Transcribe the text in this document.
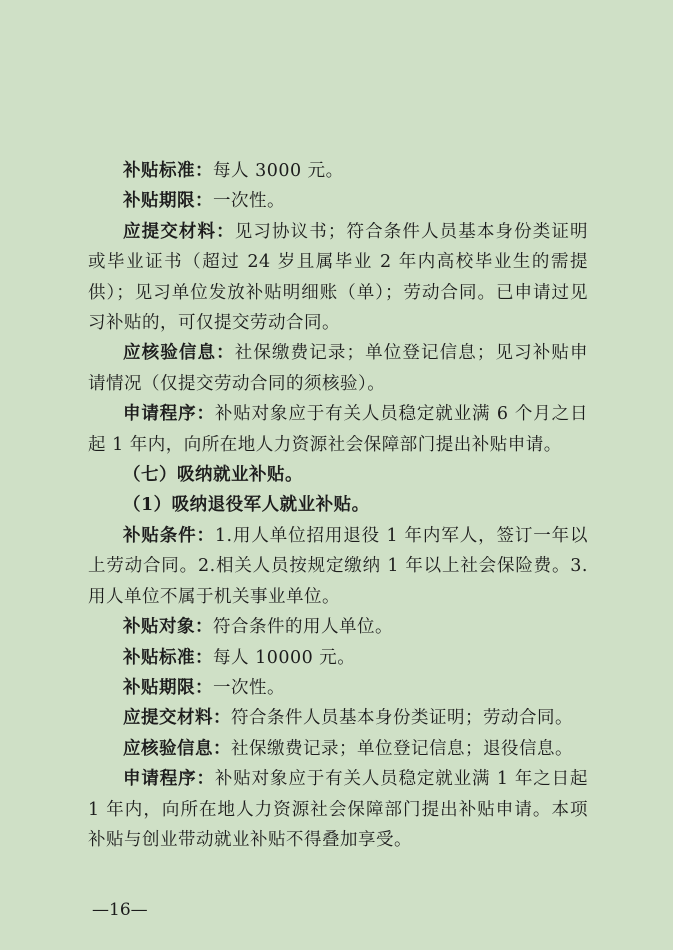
补贴标准：每人 3000 元。

补贴期限：一次性。

应提交材料：见习协议书；符合条件人员基本身份类证明或毕业证书（超过 24 岁且属毕业 2 年内高校毕业生的需提供）；见习单位发放补贴明细账（单）；劳动合同。已申请过见习补贴的，可仅提交劳动合同。

应核验信息：社保缴费记录；单位登记信息；见习补贴申请情况（仅提交劳动合同的须核验）。

申请程序：补贴对象应于有关人员稳定就业满 6 个月之日起 1 年内，向所在地人力资源社会保障部门提出补贴申请。

（七）吸纳就业补贴。

（1）吸纳退役军人就业补贴。

补贴条件：1.用人单位招用退役 1 年内军人，签订一年以上劳动合同。2.相关人员按规定缴纳 1 年以上社会保险费。3.用人单位不属于机关事业单位。

补贴对象：符合条件的用人单位。

补贴标准：每人 10000 元。

补贴期限：一次性。

应提交材料：符合条件人员基本身份类证明；劳动合同。

应核验信息：社保缴费记录；单位登记信息；退役信息。

申请程序：补贴对象应于有关人员稳定就业满 1 年之日起 1 年内，向所在地人力资源社会保障部门提出补贴申请。本项补贴与创业带动就业补贴不得叠加享受。

—16—
